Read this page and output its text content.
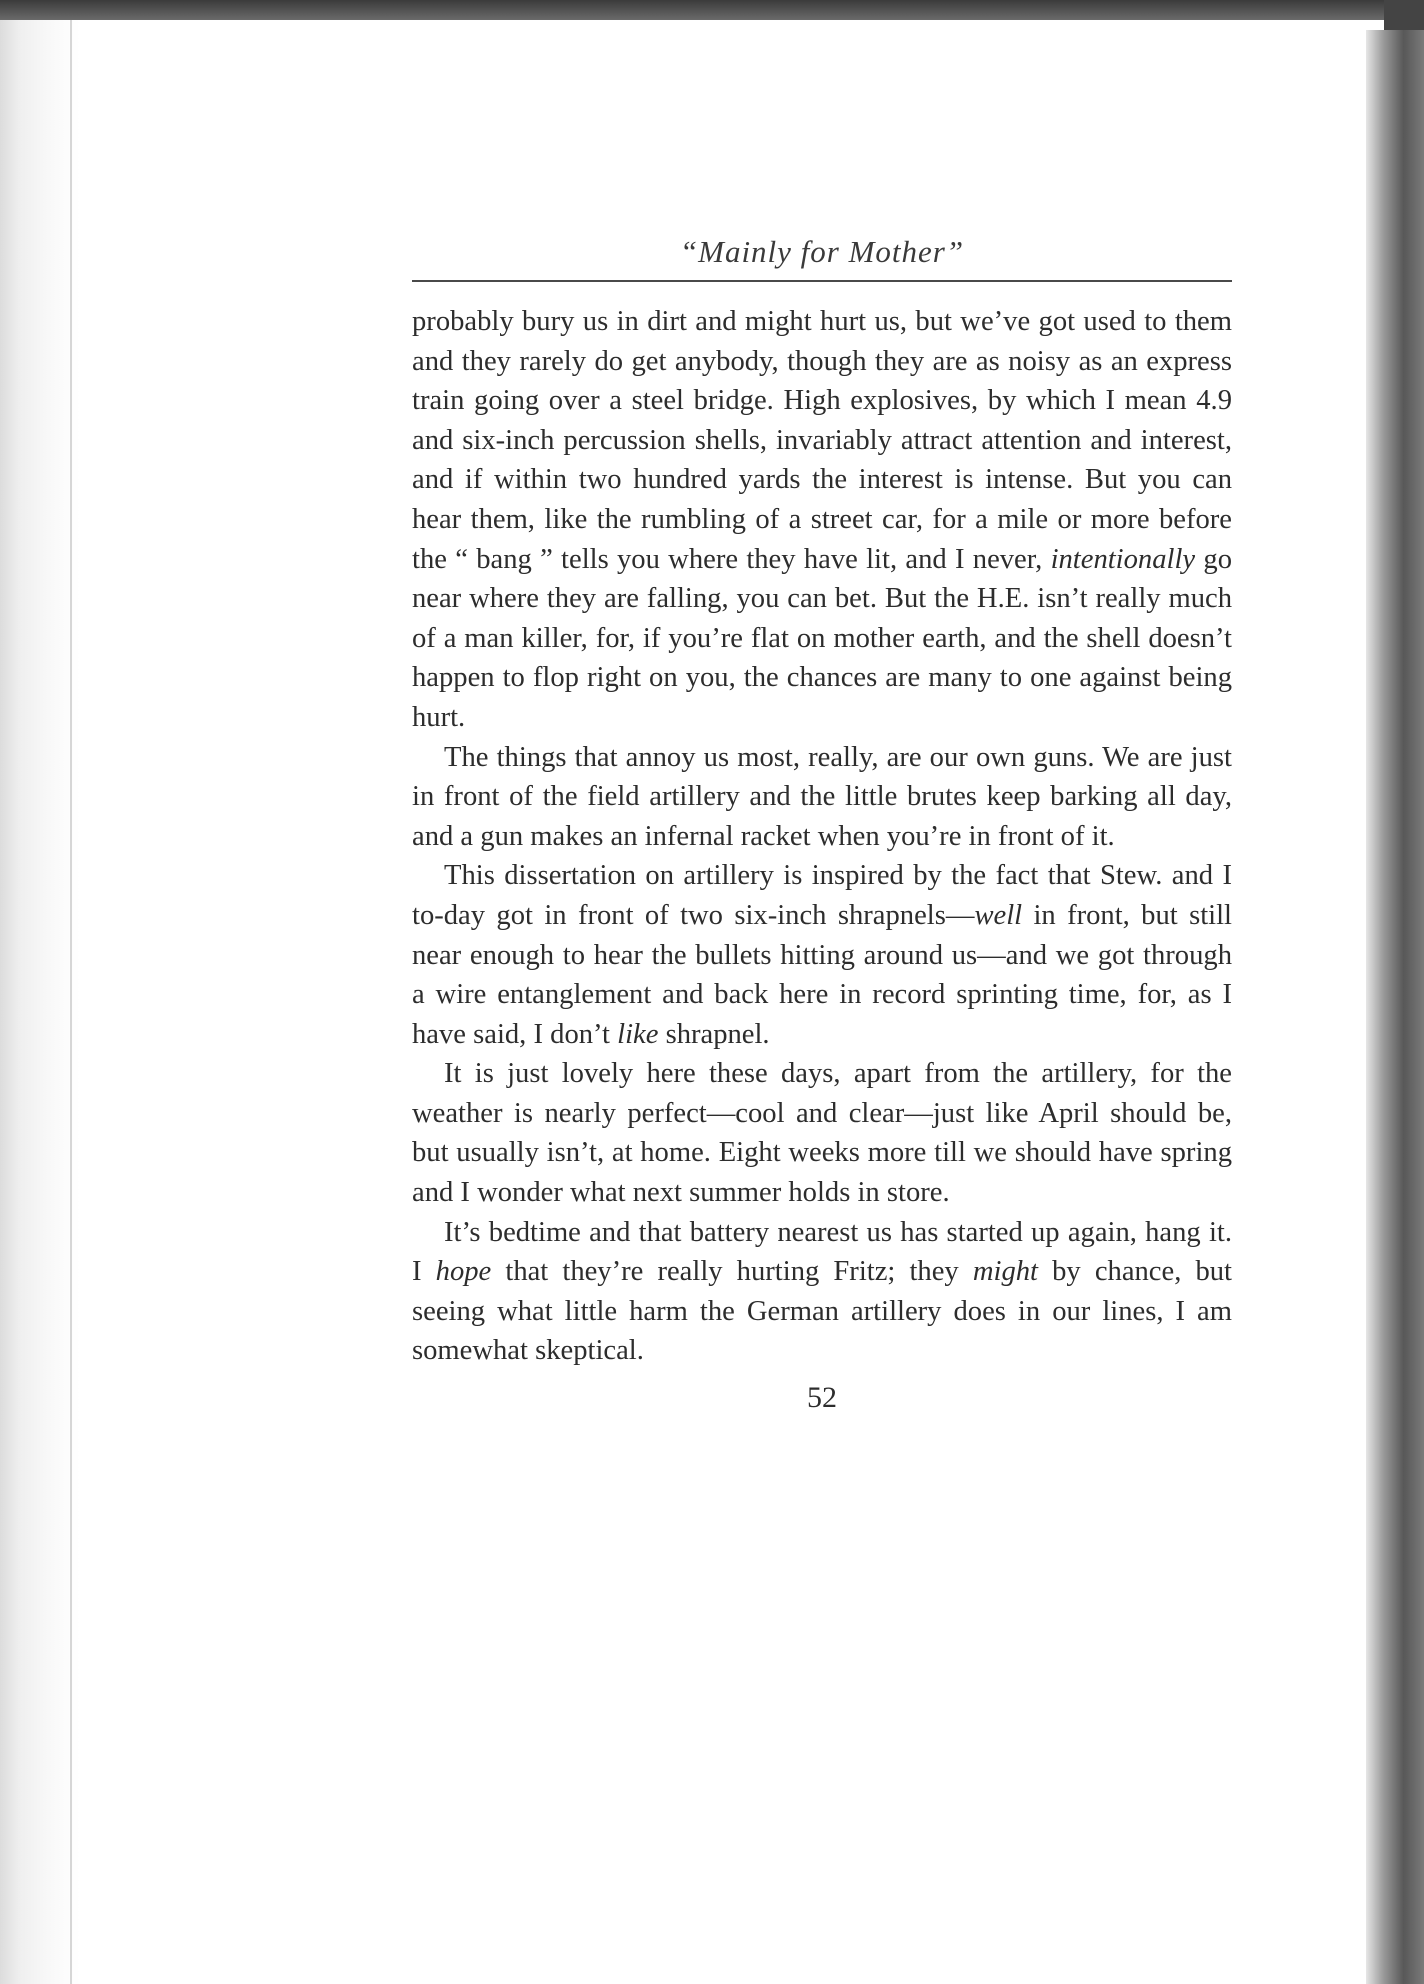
“Mainly for Mother”

probably bury us in dirt and might hurt us, but we’ve got used to them and they rarely do get anybody, though they are as noisy as an express train going over a steel bridge. High explosives, by which I mean 4.9 and six-inch percussion shells, invariably attract attention and interest, and if within two hundred yards the interest is intense. But you can hear them, like the rumbling of a street car, for a mile or more before the “ bang ” tells you where they have lit, and I never, intentionally go near where they are falling, you can bet. But the H.E. isn’t really much of a man killer, for, if you’re flat on mother earth, and the shell doesn’t happen to flop right on you, the chances are many to one against being hurt.

The things that annoy us most, really, are our own guns. We are just in front of the field artillery and the little brutes keep barking all day, and a gun makes an infernal racket when you’re in front of it.

This dissertation on artillery is inspired by the fact that Stew. and I to-day got in front of two six-inch shrapnels—well in front, but still near enough to hear the bullets hitting around us—and we got through a wire entanglement and back here in record sprinting time, for, as I have said, I don’t like shrapnel.

It is just lovely here these days, apart from the artillery, for the weather is nearly perfect—cool and clear—just like April should be, but usually isn’t, at home. Eight weeks more till we should have spring and I wonder what next summer holds in store.

It’s bedtime and that battery nearest us has started up again, hang it. I hope that they’re really hurting Fritz; they might by chance, but seeing what little harm the German artillery does in our lines, I am somewhat skeptical.

52
